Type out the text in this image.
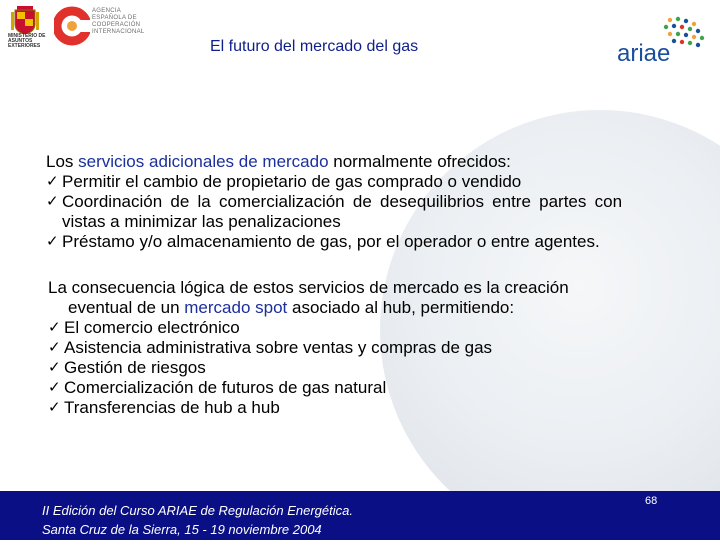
MINISTERIO DE ASUNTOS EXTERIORES
AGENCIA
ESPAÑOLA DE
COOPERACIÓN
INTERNACIONAL
El futuro del mercado del gas	ariae
Los servicios adicionales de mercado normalmente ofrecidos:
✓ Permitir el cambio de propietario de gas comprado o vendido
✓ Coordinación de la comercialización de desequilibrios entre partes con
vistas a minimizar las penalizaciones
✓ Préstamo y/o almacenamiento de gas, por el operador o entre agentes.
La consecuencia lógica de estos servicios de mercado es la creación
eventual de un mercado spot asociado al hub, permitiendo:
✓ El comercio electrónico
✓ Asistencia administrativa sobre ventas y compras de gas
✓ Gestión de riesgos
✓ Comercialización de futuros de gas natural
✓ Transferencias de hub a hub
II Edición del Curso ARIAE de Regulación Energética.
Santa Cruz de la Sierra, 15 - 19 noviembre 2004
68
